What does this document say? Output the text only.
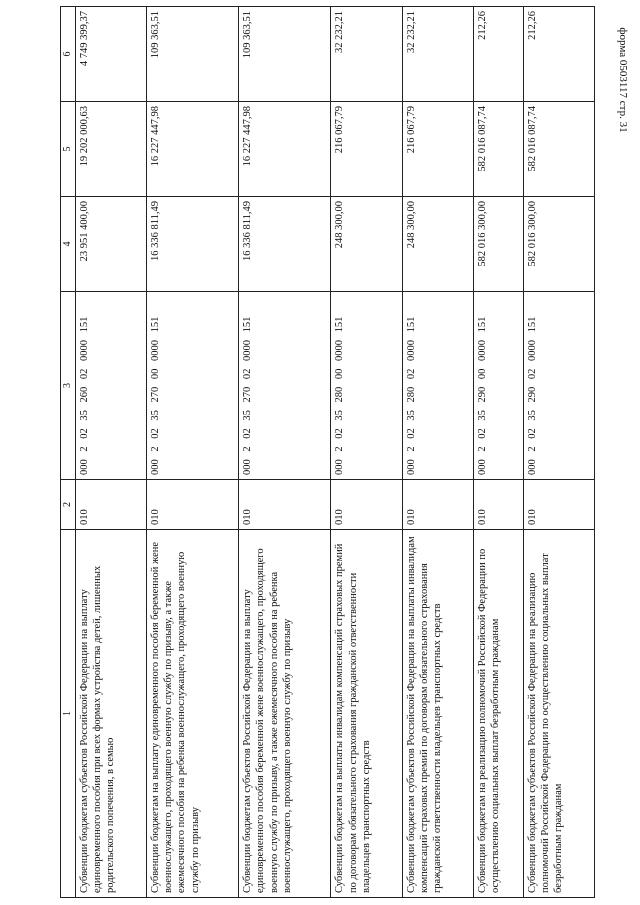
форма 0503117 стр. 31
1	2	3	4	5	6
Субвенции бюджетам субъектов Российской Федерации на выплату единовременного пособия при всех формах устройства детей, лишенных родительского попечения, в семью	010	000 2 02 35 260 02 0000 151	23 951 400,00	19 202 000,63	4 749 399,37
Субвенции бюджетам на выплату единовременного пособия беременной жене военнослужащего, проходящего военную службу по призыву, а также ежемесячного пособия на ребенка военнослужащего, проходящего военную службу по призыву	010	000 2 02 35 270 00 0000 151	16 336 811,49	16 227 447,98	109 363,51
Субвенции бюджетам субъектов Российской Федерации на выплату единовременного пособия беременной жене военнослужащего, проходящего военную службу по призыву, а также ежемесячного пособия на ребенка военнослужащего, проходящего военную службу по призыву	010	000 2 02 35 270 02 0000 151	16 336 811,49	16 227 447,98	109 363,51
Субвенции бюджетам на выплаты инвалидам компенсаций страховых премий по договорам обязательного страхования гражданской ответственности владельцев транспортных средств	010	000 2 02 35 280 00 0000 151	248 300,00	216 067,79	32 232,21
Субвенции бюджетам субъектов Российской Федерации на выплаты инвалидам компенсаций страховых премий по договорам обязательного страхования гражданской ответственности владельцев транспортных средств	010	000 2 02 35 280 02 0000 151	248 300,00	216 067,79	32 232,21
Субвенции бюджетам на реализацию полномочий Российской Федерации по осуществлению социальных выплат безработным гражданам	010	000 2 02 35 290 00 0000 151	582 016 300,00	582 016 087,74	212,26
Субвенции бюджетам субъектов Российской Федерации на реализацию полномочий Российской Федерации по осуществлению социальных выплат безработным гражданам	010	000 2 02 35 290 02 0000 151	582 016 300,00	582 016 087,74	212,26
